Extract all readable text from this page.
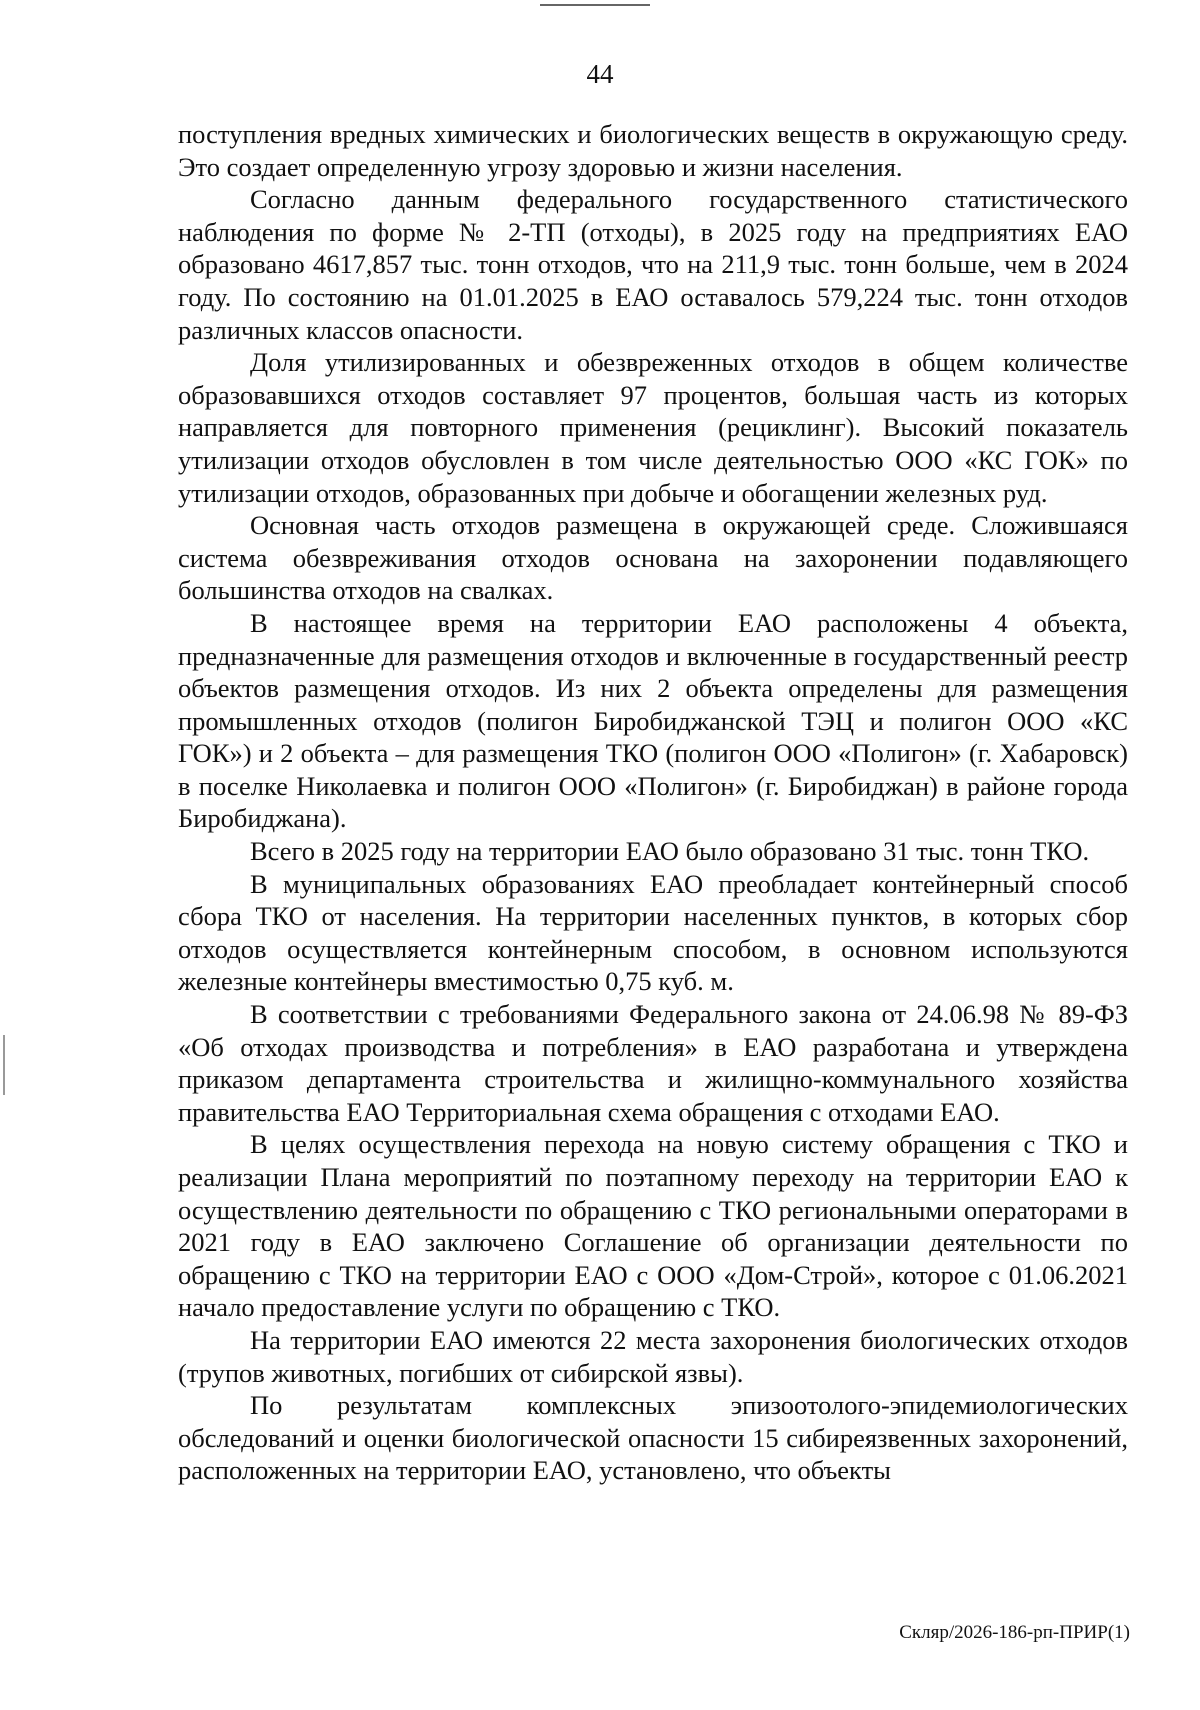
44

поступления вредных химических и биологических веществ в окружающую среду. Это создает определенную угрозу здоровью и жизни населения.

Согласно данным федерального государственного статистического наблюдения по форме № 2-ТП (отходы), в 2025 году на предприятиях ЕАО образовано 4617,857 тыс. тонн отходов, что на 211,9 тыс. тонн больше, чем в 2024 году. По состоянию на 01.01.2025 в ЕАО оставалось 579,224 тыс. тонн отходов различных классов опасности.

Доля утилизированных и обезвреженных отходов в общем количестве образовавшихся отходов составляет 97 процентов, большая часть из которых направляется для повторного применения (рециклинг). Высокий показатель утилизации отходов обусловлен в том числе деятельностью ООО «КС ГОК» по утилизации отходов, образованных при добыче и обогащении железных руд.

Основная часть отходов размещена в окружающей среде. Сложившаяся система обезвреживания отходов основана на захоронении подавляющего большинства отходов на свалках.

В настоящее время на территории ЕАО расположены 4 объекта, предназначенные для размещения отходов и включенные в государственный реестр объектов размещения отходов. Из них 2 объекта определены для размещения промышленных отходов (полигон Биробиджанской ТЭЦ и полигон ООО «КС ГОК») и 2 объекта – для размещения ТКО (полигон ООО «Полигон» (г. Хабаровск) в поселке Николаевка и полигон ООО «Полигон» (г. Биробиджан) в районе города Биробиджана).

Всего в 2025 году на территории ЕАО было образовано 31 тыс. тонн ТКО.

В муниципальных образованиях ЕАО преобладает контейнерный способ сбора ТКО от населения. На территории населенных пунктов, в которых сбор отходов осуществляется контейнерным способом, в основном используются железные контейнеры вместимостью 0,75 куб. м.

В соответствии с требованиями Федерального закона от 24.06.98 № 89-ФЗ «Об отходах производства и потребления» в ЕАО разработана и утверждена приказом департамента строительства и жилищно-коммунального хозяйства правительства ЕАО Территориальная схема обращения с отходами ЕАО.

В целях осуществления перехода на новую систему обращения с ТКО и реализации Плана мероприятий по поэтапному переходу на территории ЕАО к осуществлению деятельности по обращению с ТКО региональными операторами в 2021 году в ЕАО заключено Соглашение об организации деятельности по обращению с ТКО на территории ЕАО с ООО «Дом-Строй», которое с 01.06.2021 начало предоставление услуги по обращению с ТКО.

На территории ЕАО имеются 22 места захоронения биологических отходов (трупов животных, погибших от сибирской язвы).

По результатам комплексных эпизоотолого-эпидемиологических обследований и оценки биологической опасности 15 сибиреязвенных захоронений, расположенных на территории ЕАО, установлено, что объекты

Скляр/2026-186-рп-ПРИР(1)
